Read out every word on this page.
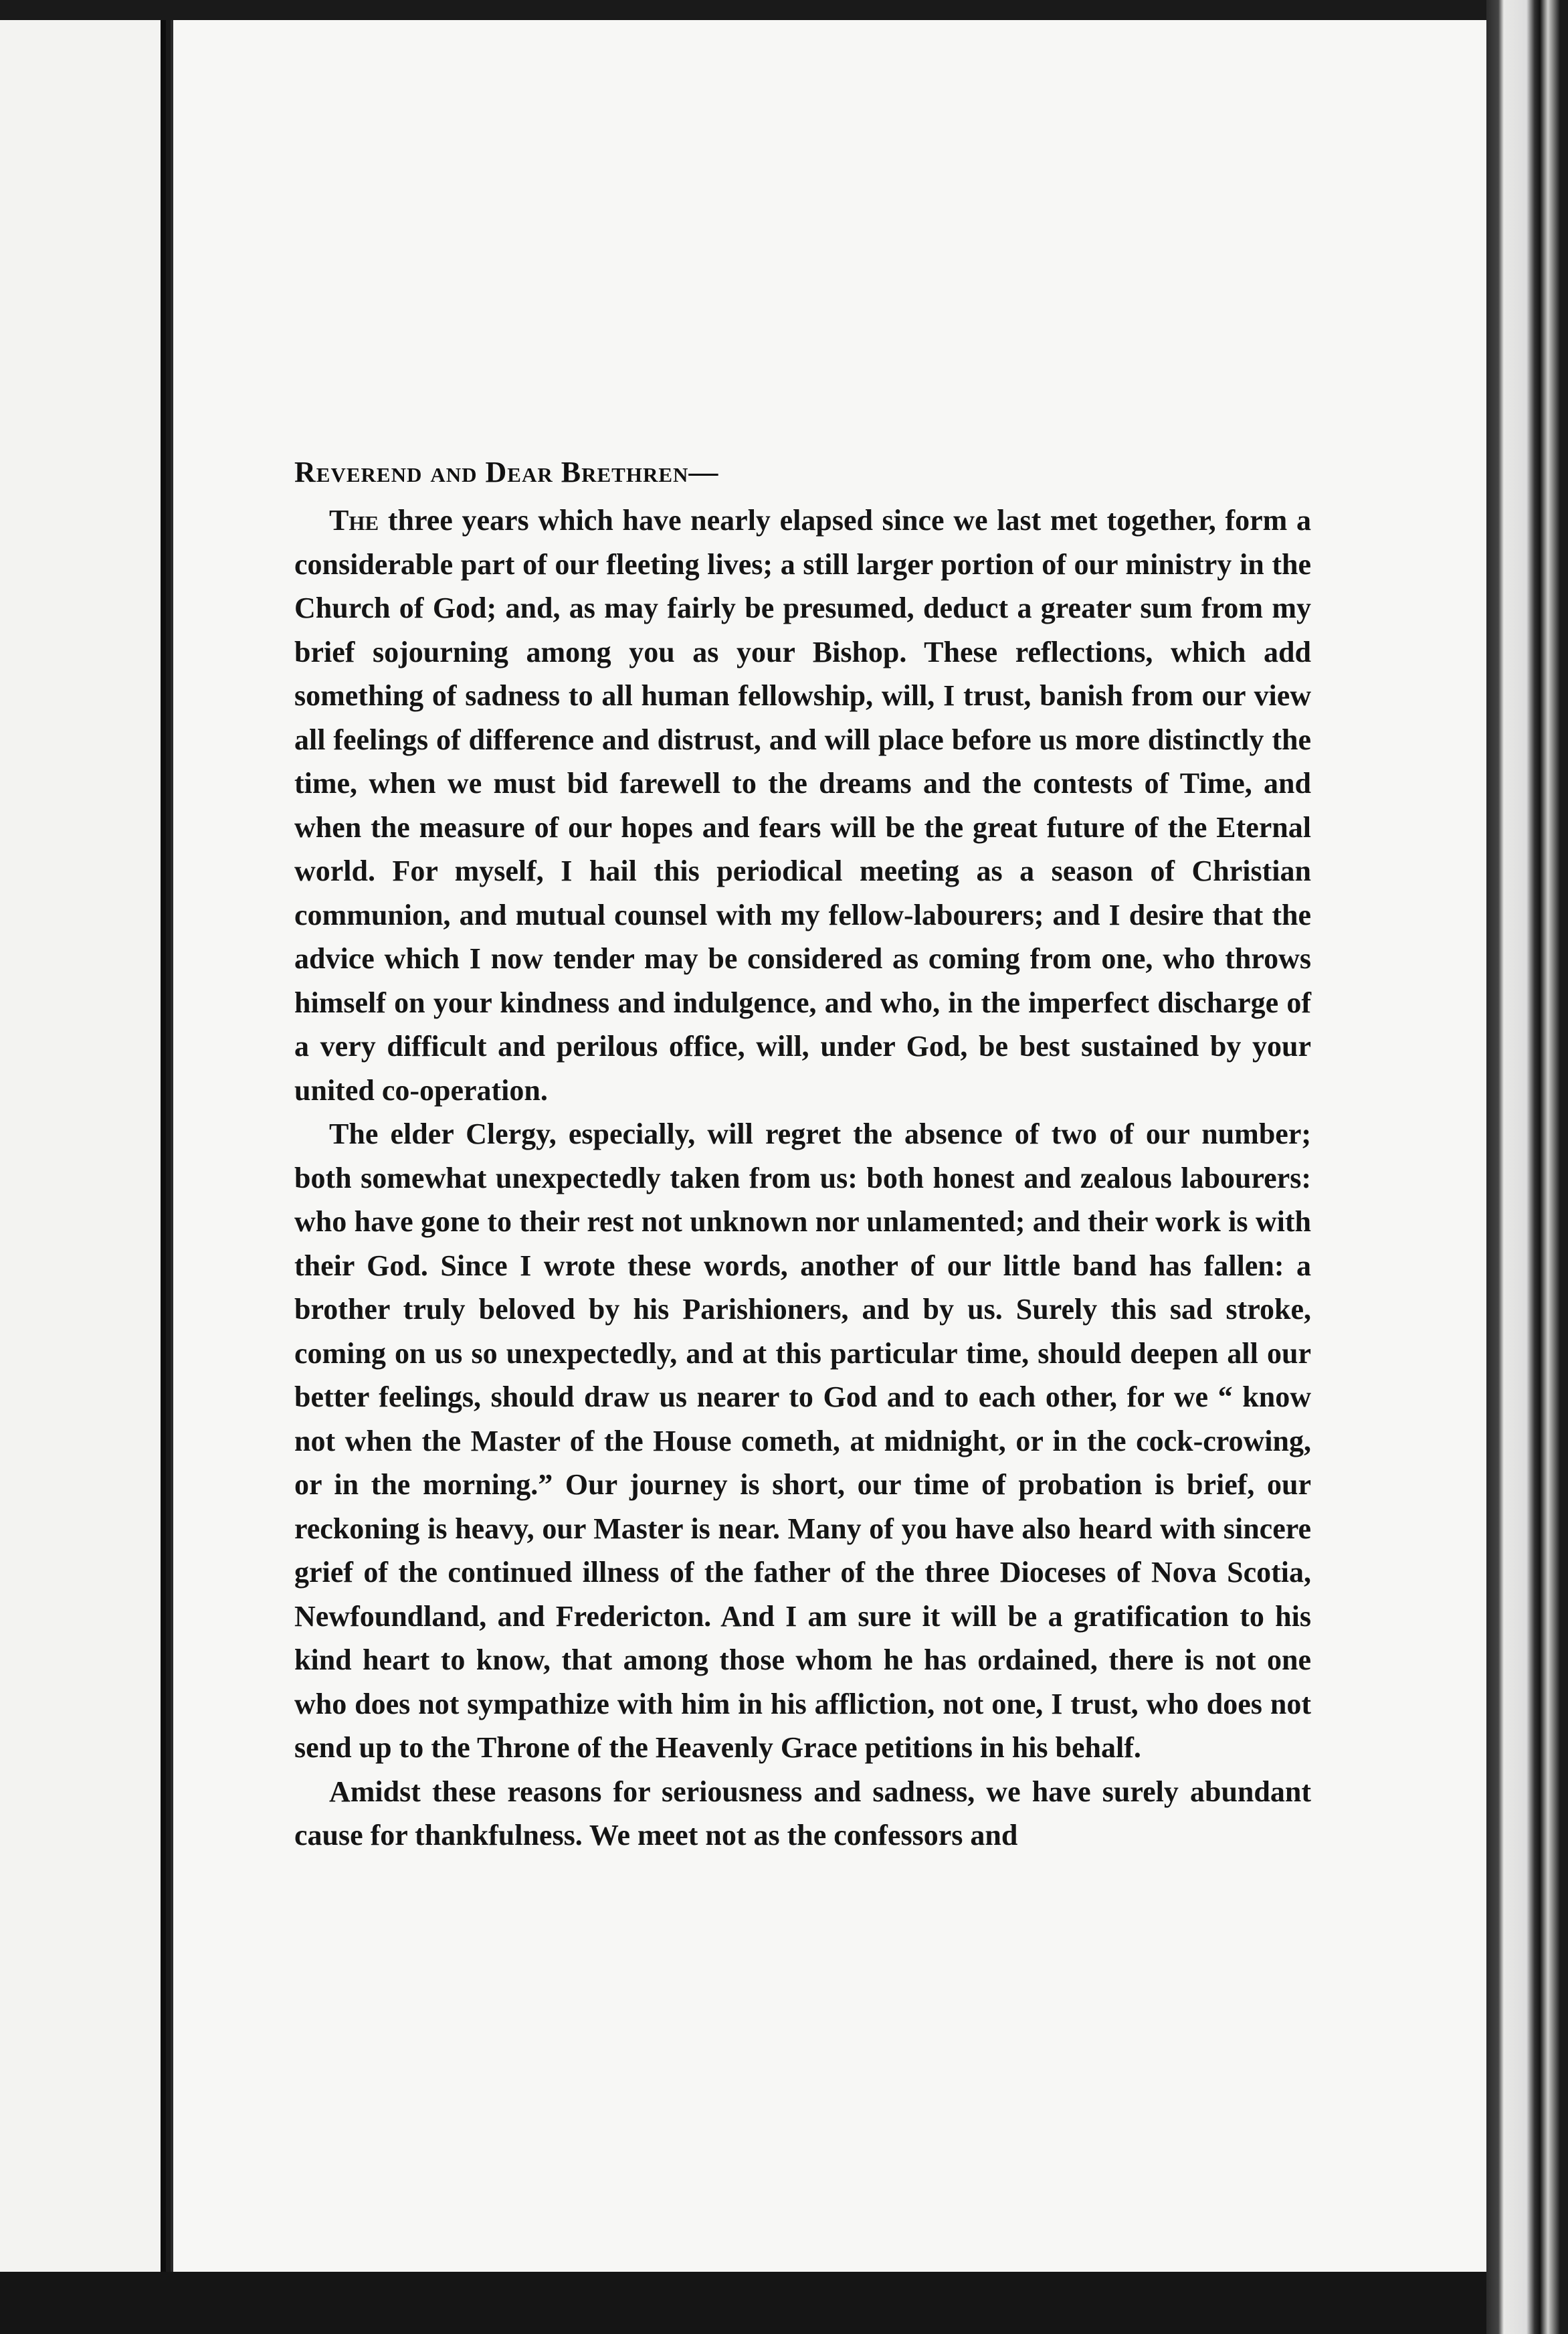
Reverend and Dear Brethren—

The three years which have nearly elapsed since we last met together, form a considerable part of our fleeting lives; a still larger portion of our ministry in the Church of God; and, as may fairly be presumed, deduct a greater sum from my brief sojourning among you as your Bishop. These reflections, which add something of sadness to all human fellowship, will, I trust, banish from our view all feelings of difference and distrust, and will place before us more distinctly the time, when we must bid farewell to the dreams and the contests of Time, and when the measure of our hopes and fears will be the great future of the Eternal world. For myself, I hail this periodical meeting as a season of Christian communion, and mutual counsel with my fellow-labourers; and I desire that the advice which I now tender may be considered as coming from one, who throws himself on your kindness and indulgence, and who, in the imperfect discharge of a very difficult and perilous office, will, under God, be best sustained by your united co-operation.

The elder Clergy, especially, will regret the absence of two of our number; both somewhat unexpectedly taken from us: both honest and zealous labourers: who have gone to their rest not unknown nor unlamented; and their work is with their God. Since I wrote these words, another of our little band has fallen: a brother truly beloved by his Parishioners, and by us. Surely this sad stroke, coming on us so unexpectedly, and at this particular time, should deepen all our better feelings, should draw us nearer to God and to each other, for we “ know not when the Master of the House cometh, at midnight, or in the cock-crowing, or in the morning.” Our journey is short, our time of probation is brief, our reckoning is heavy, our Master is near. Many of you have also heard with sincere grief of the continued illness of the father of the three Dioceses of Nova Scotia, Newfoundland, and Fredericton. And I am sure it will be a gratification to his kind heart to know, that among those whom he has ordained, there is not one who does not sympathize with him in his affliction, not one, I trust, who does not send up to the Throne of the Heavenly Grace petitions in his behalf.

Amidst these reasons for seriousness and sadness, we have surely abundant cause for thankfulness. We meet not as the confessors and
